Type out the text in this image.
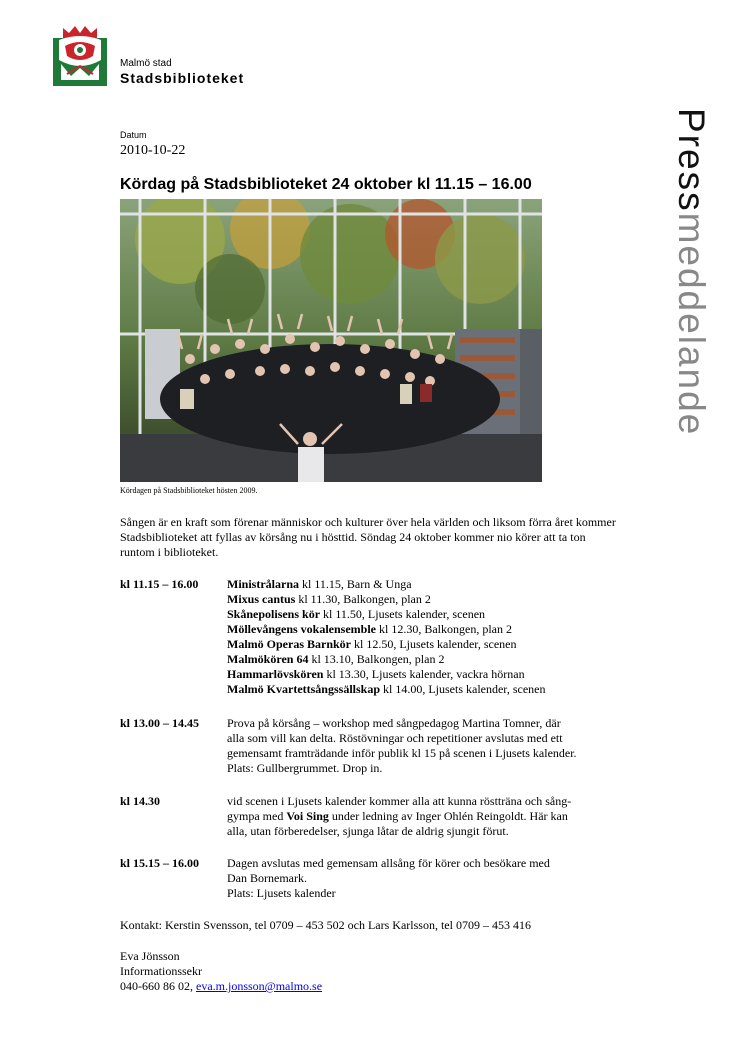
Malmö stad
Stadsbiblioteket
Pressmeddelande
Datum
2010-10-22
Kördag på Stadsbiblioteket 24 oktober kl 11.15 – 16.00
Kördagen på Stadsbiblioteket hösten 2009.
Sången är en kraft som förenar människor och kulturer över hela världen och liksom förra året kommer Stadsbiblioteket att fyllas av körsång nu i hösttid. Söndag 24 oktober kommer nio körer att ta ton runtom i biblioteket.
kl 11.15 – 16.00 Ministrålarna kl 11.15, Barn & Unga
Mixus cantus kl 11.30, Balkongen, plan 2
Skånepolisens kör kl 11.50, Ljusets kalender, scenen
Möllevångens vokalensemble kl 12.30, Balkongen, plan 2
Malmö Operas Barnkör kl 12.50, Ljusets kalender, scenen
Malmökören 64 kl 13.10, Balkongen, plan 2
Hammarlövskören kl 13.30, Ljusets kalender, vackra hörnan
Malmö Kvartettsångssällskap kl 14.00, Ljusets kalender, scenen
kl 13.00 – 14.45 Prova på körsång – workshop med sångpedagog Martina Tomner, där
alla som vill kan delta. Röstövningar och repetitioner avslutas med ett
gemensamt framträdande inför publik kl 15 på scenen i Ljusets kalender.
Plats: Gullbergrummet. Drop in.
kl 14.30	vid scenen i Ljusets kalender kommer alla att kunna rösttränа och sång-
gympa med Voi Sing under ledning av Inger Ohlén Reingoldt. Här kan
alla, utan förberedelser, sjunga låtar de aldrig sjungit förut.
kl 15.15 – 16.00 Dagen avslutas med gemensam allsång för körer och besökare med
Dan Bornemark.
Plats: Ljusets kalender
Kontakt: Kerstin Svensson, tel 0709 – 453 502 och Lars Karlsson, tel 0709 – 453 416
Eva Jönsson
Informationssekr
040-660 86 02, eva.m.jonsson@malmo.se
